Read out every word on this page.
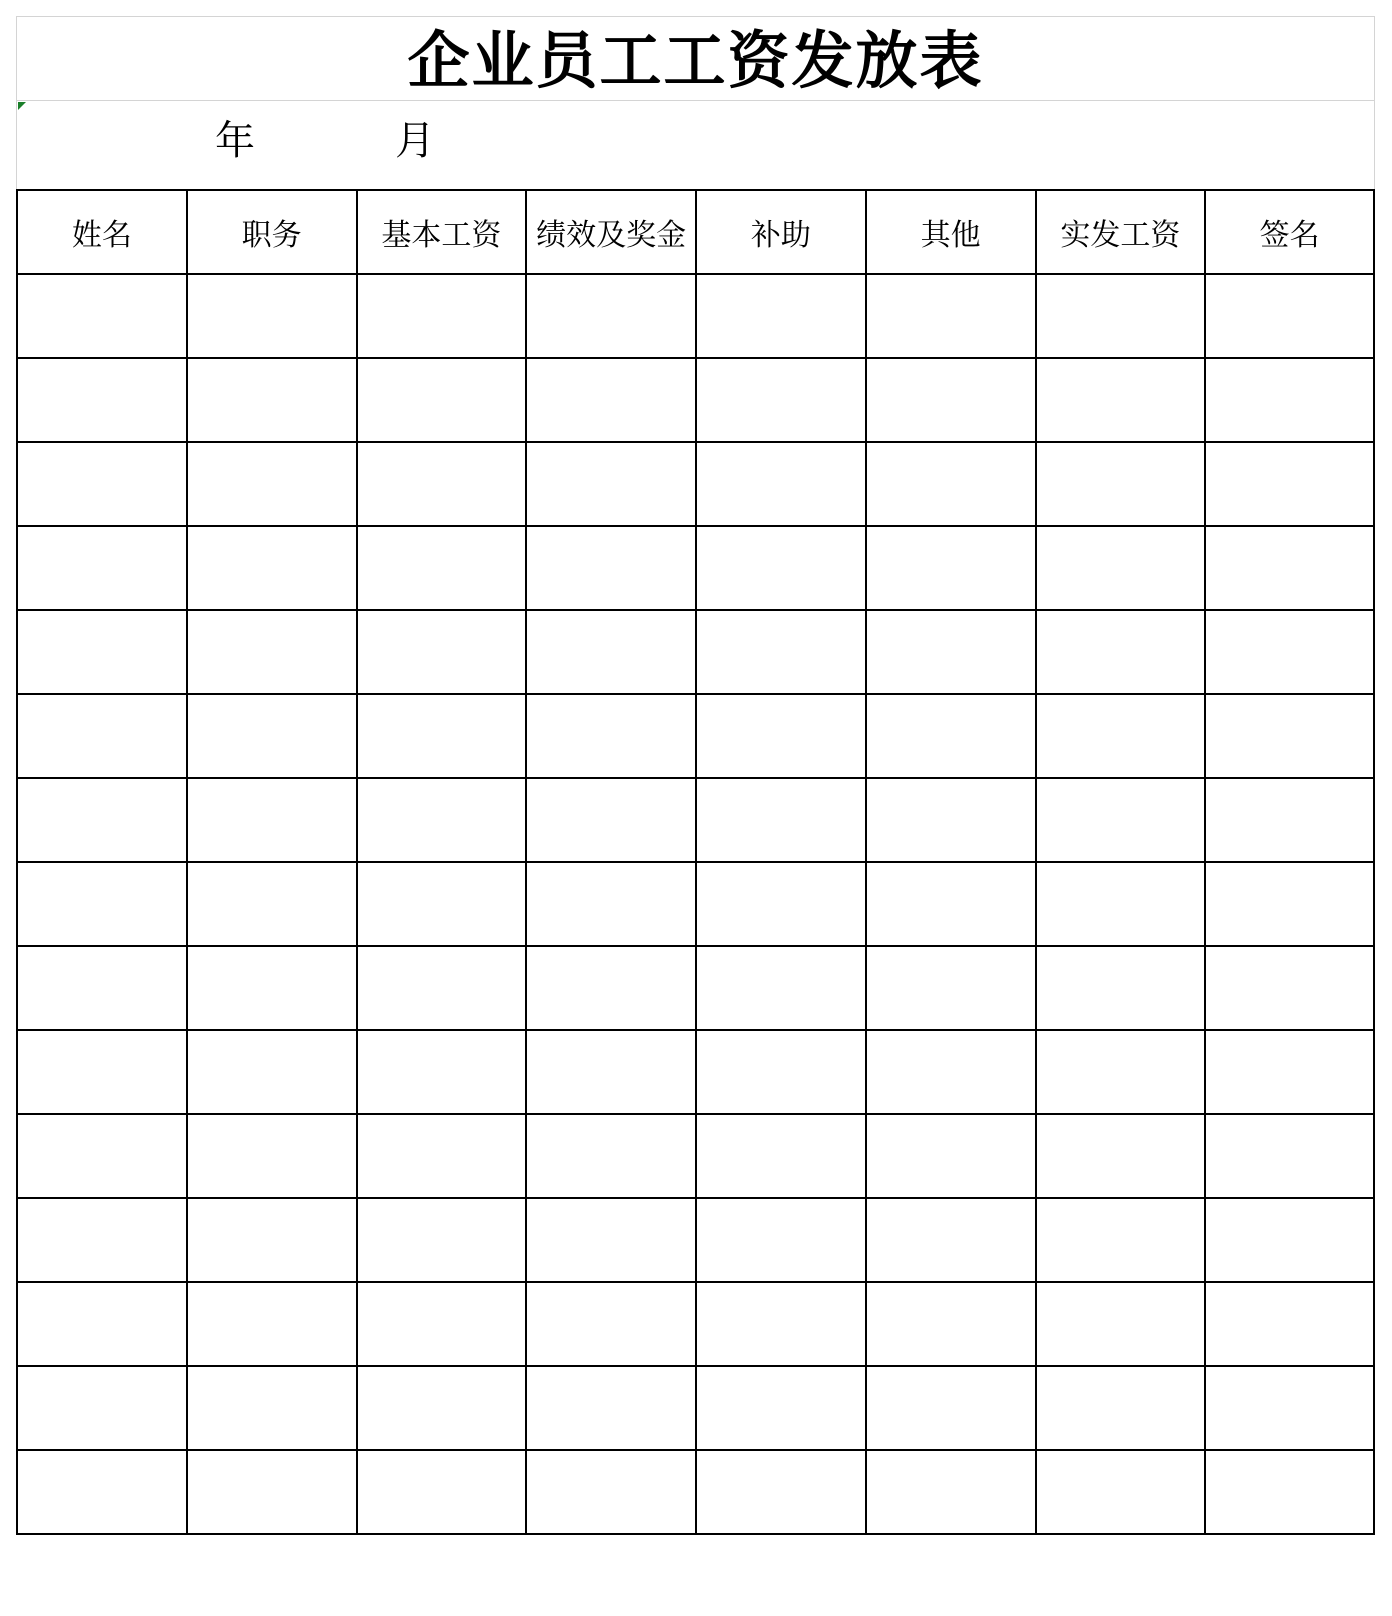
企业员工工资发放表
年	月
姓名	职务	基本工资	绩效及奖金	补助	其他	实发工资	签名
